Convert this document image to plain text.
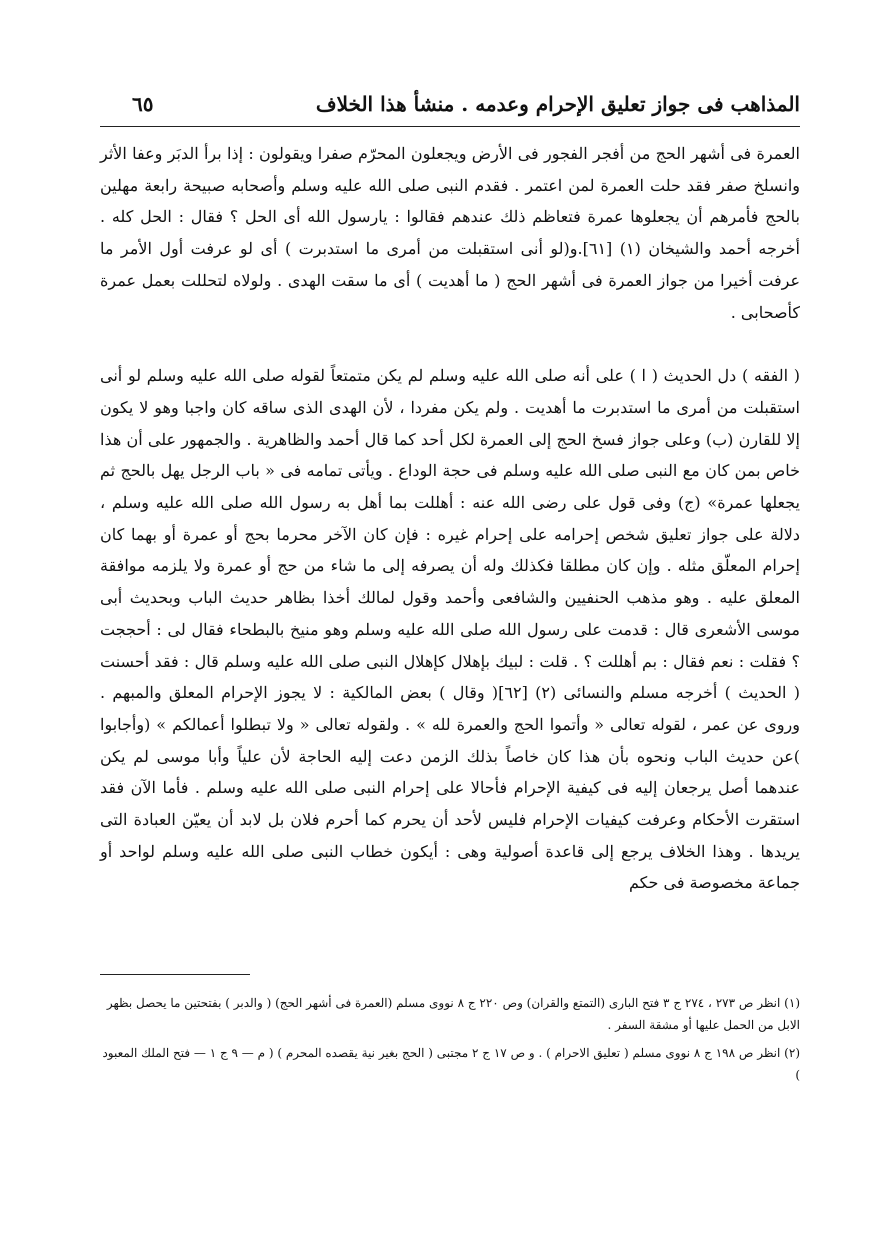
المذاهب فى جواز تعليق الإحرام وعدمه . منشأ هذا الخلاف
٦٥

العمرة فى أشهر الحج من أفجر الفجور فى الأرض ويجعلون المحرّم صفرا ويقولون : إذا برأ الدبَر وعفا الأثر وانسلخ صفر فقد حلت العمرة لمن اعتمر . فقدم النبى صلى الله عليه وسلم وأصحابه صبيحة رابعة مهلين بالحج فأمرهم أن يجعلوها عمرة فتعاظم ذلك عندهم فقالوا : يارسول الله أى الحل ؟ فقال : الحل كله . أخرجه أحمد والشيخان (١) [٦١].و(لو أنى استقبلت من أمرى ما استدبرت ) أى لو عرفت أول الأمر ما عرفت أخيرا من جواز العمرة فى أشهر الحج ( ما أهديت ) أى ما سقت الهدى . ولولاه لتحللت بعمل عمرة كأصحابى .

( الفقه ) دل الحديث ( ا ) على أنه صلى الله عليه وسلم لم يكن متمتعاً لقوله صلى الله عليه وسلم لو أنى استقبلت من أمرى ما استدبرت ما أهديت . ولم يكن مفردا ، لأن الهدى الذى ساقه كان واجبا وهو لا يكون إلا للقارن (ب) وعلى جواز فسخ الحج إلى العمرة لكل أحد كما قال أحمد والظاهرية . والجمهور على أن هذا خاص بمن كان مع النبى صلى الله عليه وسلم فى حجة الوداع . ويأتى تمامه فى « باب الرجل يهل بالحج ثم يجعلها عمرة» (ج) وفى قول على رضى الله عنه : أهللت بما أهل به رسول الله صلى الله عليه وسلم ، دلالة على جواز تعليق شخص إحرامه على إحرام غيره : فإن كان الآخر محرما بحج أو عمرة أو بهما كان إحرام المعلّق مثله . وإن كان مطلقا فكذلك وله أن يصرفه إلى ما شاء من حج أو عمرة ولا يلزمه موافقة المعلق عليه . وهو مذهب الحنفيين والشافعى وأحمد وقول لمالك أخذا بظاهر حديث الباب وبحديث أبى موسى الأشعرى قال : قدمت على رسول الله صلى الله عليه وسلم وهو منيخ بالبطحاء فقال لى : أحججت ؟ فقلت : نعم فقال : بم أهللت ؟ . قلت : لبيك بإهلال كإهلال النبى صلى الله عليه وسلم قال : فقد أحسنت ( الحديث ) أخرجه مسلم والنسائى (٢) [٦٢]( وقال ) بعض المالكية : لا يجوز الإحرام المعلق والمبهم . وروى عن عمر ، لقوله تعالى « وأتموا الحج والعمرة لله » . ولقوله تعالى « ولا تبطلوا أعمالكم » (وأجابوا )عن حديث الباب ونحوه بأن هذا كان خاصاً بذلك الزمن دعت إليه الحاجة لأن علياً وأبا موسى لم يكن عندهما أصل يرجعان إليه فى كيفية الإحرام فأحالا على إحرام النبى صلى الله عليه وسلم . فأما الآن فقد استقرت الأحكام وعرفت كيفيات الإحرام فليس لأحد أن يحرم كما أحرم فلان بل لابد أن يعيّن العبادة التى يريدها . وهذا الخلاف يرجع إلى قاعدة أصولية وهى : أيكون خطاب النبى صلى الله عليه وسلم لواحد أو جماعة مخصوصة فى حكم

(١) انظر ص ٢٧٣ ، ٢٧٤ ج ٣ فتح البارى (التمتع والقران) وص ٢٢٠ ج ٨ نووى مسلم (العمرة فى أشهر الحج) ( والدبر ) بفتحتين ما يحصل بظهر الابل من الحمل عليها أو مشقة السفر .

(٢) انظر ص ١٩٨ ج ٨ نووى مسلم ( تعليق الاحرام ) . و ص ١٧ ج ٢ مجتبى ( الحج بغير نية يقصده المحرم ) ( م — ٩ ج ١ — فتح الملك المعبود )
